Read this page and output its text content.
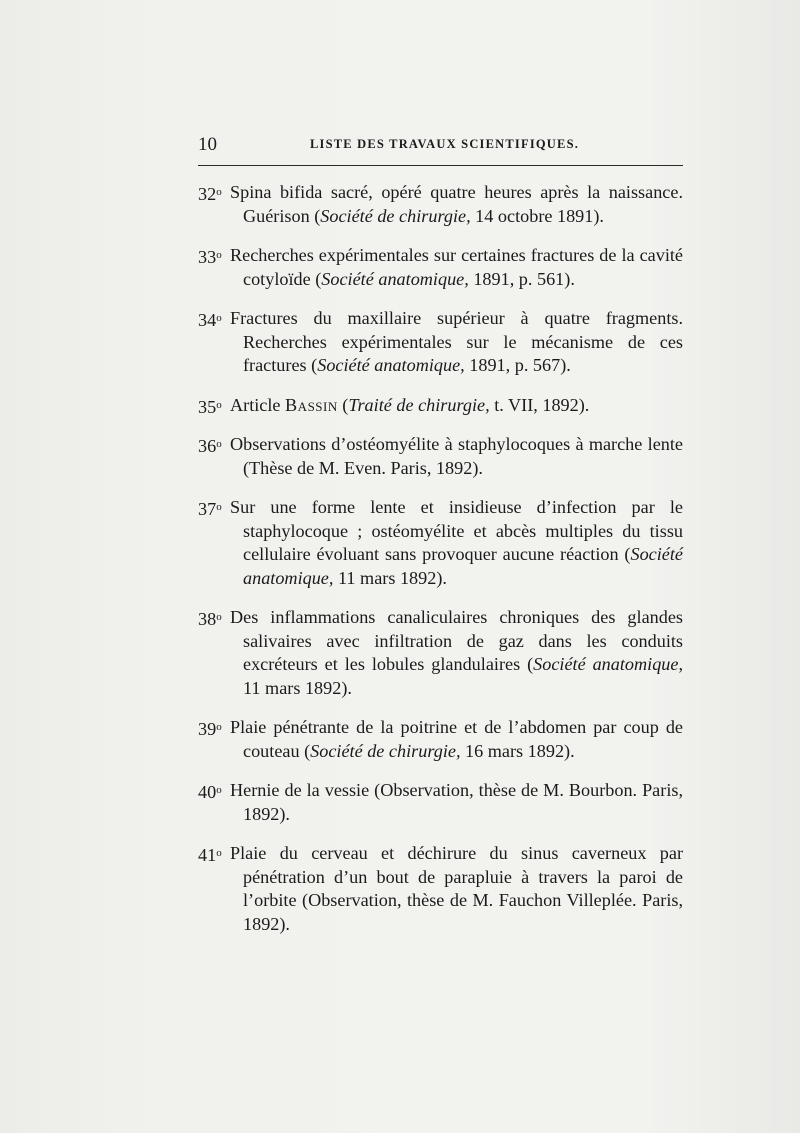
10	LISTE DES TRAVAUX SCIENTIFIQUES.
32$^o$ Spina bifida sacré, opéré quatre heures après la naissance. Guérison (Société de chirurgie, 14 octobre 1891).
33$^o$ Recherches expérimentales sur certaines fractures de la cavité cotyloïde (Société anatomique, 1891, p. 561).
34$^o$ Fractures du maxillaire supérieur à quatre fragments. Recherches expérimentales sur le mécanisme de ces fractures (Société anatomique, 1891, p. 567).
35$^o$ Article Bassin (Traité de chirurgie, t. VII, 1892).
36$^o$ Observations d’ostéomyélite à staphylocoques à marche lente (Thèse de M. Even. Paris, 1892).
37$^o$ Sur une forme lente et insidieuse d’infection par le staphylocoque ; ostéomyélite et abcès multiples du tissu cellulaire évoluant sans provoquer aucune réaction (Société anatomique, 11 mars 1892).
38$^o$ Des inflammations canaliculaires chroniques des glandes salivaires avec infiltration de gaz dans les conduits excréteurs et les lobules glandulaires (Société anatomique, 11 mars 1892).
39$^o$ Plaie pénétrante de la poitrine et de l’abdomen par coup de couteau (Société de chirurgie, 16 mars 1892).
40$^o$ Hernie de la vessie (Observation, thèse de M. Bourbon. Paris, 1892).
41$^o$ Plaie du cerveau et déchirure du sinus caverneux par pénétration d’un bout de parapluie à travers la paroi de l’orbite (Observation, thèse de M. Fauchon Villeplée. Paris, 1892).
